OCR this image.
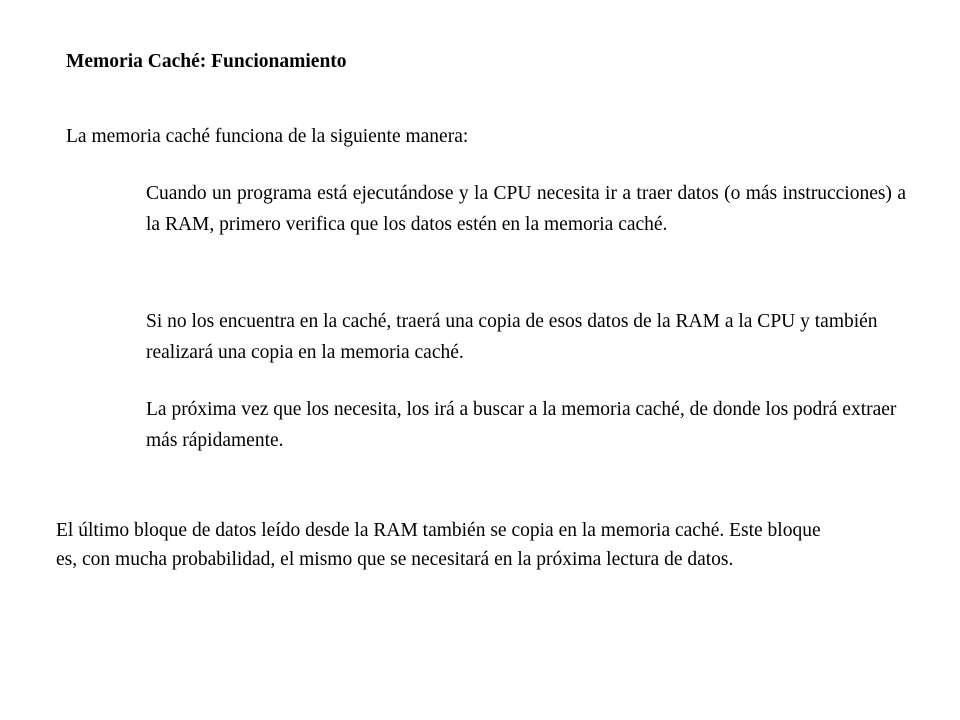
Memoria Caché: Funcionamiento

La memoria caché funciona de la siguiente manera:

Cuando un programa está ejecutándose y la CPU necesita ir a traer datos (o más instrucciones) a la RAM, primero verifica que los datos estén en la memoria caché.

Si no los encuentra en la caché, traerá una copia de esos datos de la RAM a la CPU y también realizará una copia en la memoria caché.

La próxima vez que los necesita, los irá a buscar a la memoria caché, de donde los podrá extraer más rápidamente.

El último bloque de datos leído desde la RAM también se copia en la memoria caché. Este bloque es, con mucha probabilidad, el mismo que se necesitará en la próxima lectura de datos.
